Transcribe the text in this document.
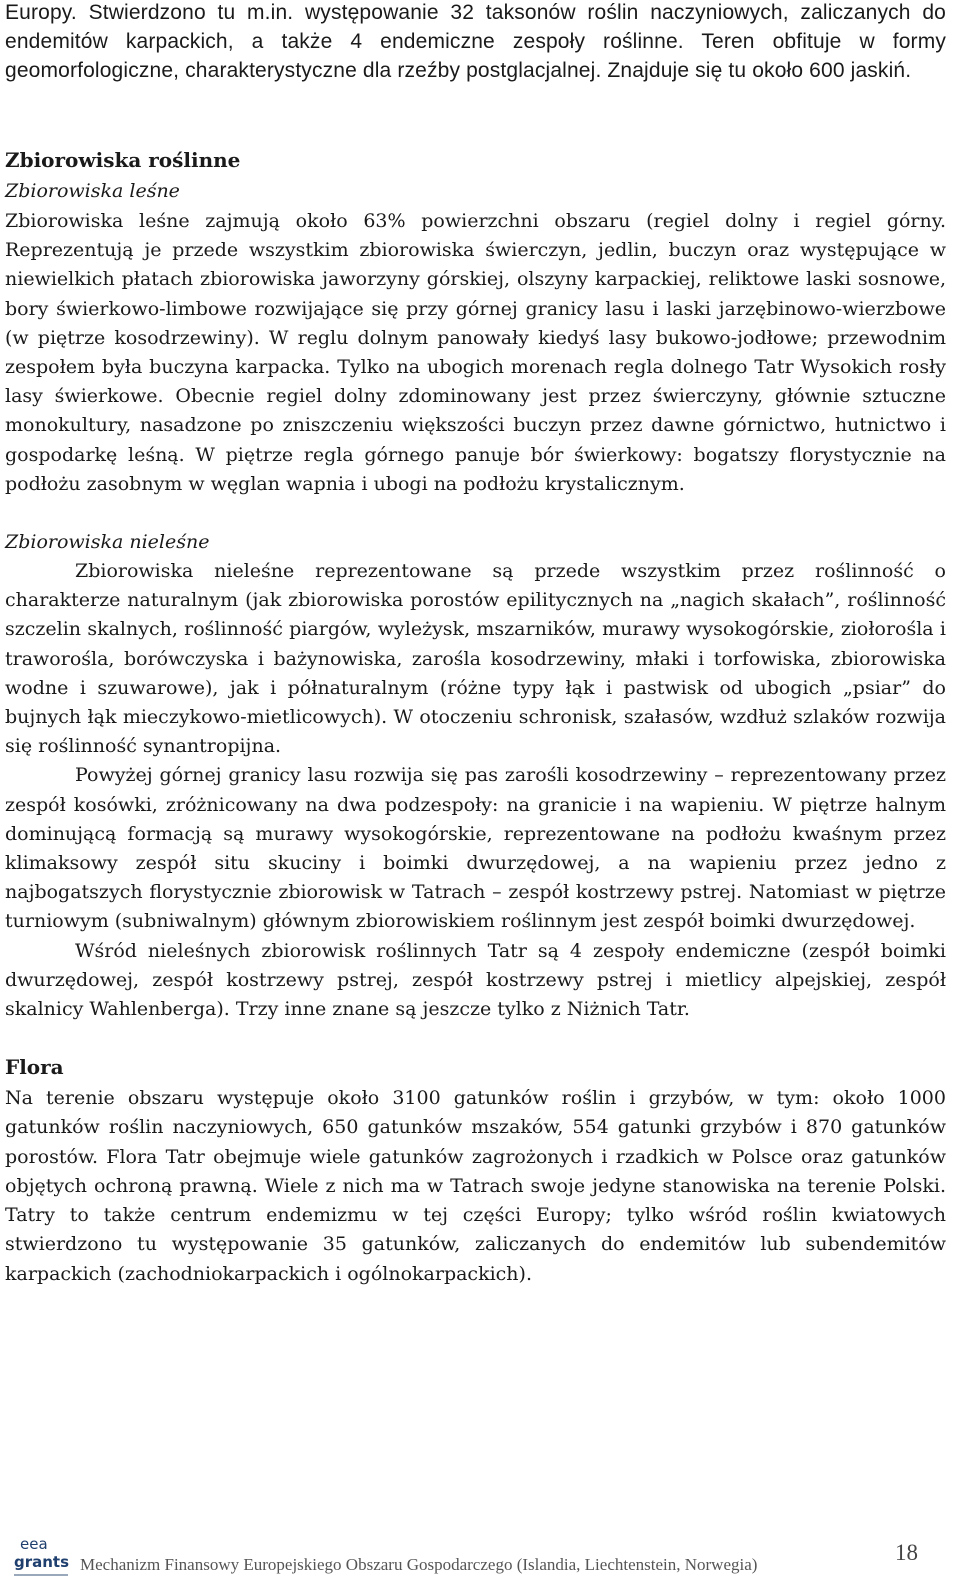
Europy. Stwierdzono tu m.in. występowanie 32 taksonów roślin naczyniowych, zaliczanych do endemitów karpackich, a także 4 endemiczne zespoły roślinne. Teren obfituje w formy geomorfologiczne, charakterystyczne dla rzeźby postglacjalnej. Znajduje się tu około 600 jaskiń.

Zbiorowiska roślinne
Zbiorowiska leśne

Zbiorowiska leśne zajmują około 63% powierzchni obszaru (regiel dolny i regiel górny. Reprezentują je przede wszystkim zbiorowiska świerczyn, jedlin, buczyn oraz występujące w niewielkich płatach zbiorowiska jaworzyny górskiej, olszyny karpackiej, reliktowe laski sosnowe, bory świerkowo-limbowe rozwijające się przy górnej granicy lasu i laski jarzębinowo-wierzbowe (w piętrze kosodrzewiny). W reglu dolnym panowały kiedyś lasy bukowo-jodłowe; przewodnim zespołem była buczyna karpacka. Tylko na ubogich morenach regla dolnego Tatr Wysokich rosły lasy świerkowe. Obecnie regiel dolny zdominowany jest przez świerczyny, głównie sztuczne monokultury, nasadzone po zniszczeniu większości buczyn przez dawne górnictwo, hutnictwo i gospodarkę leśną. W piętrze regla górnego panuje bór świerkowy: bogatszy florystycznie na podłożu zasobnym w węglan wapnia i ubogi na podłożu krystalicznym.

Zbiorowiska nieleśne

Zbiorowiska nieleśne reprezentowane są przede wszystkim przez roślinność o charakterze naturalnym (jak zbiorowiska porostów epilitycznych na „nagich skałach”, roślinność szczelin skalnych, roślinność piargów, wyleżysk, mszarników, murawy wysokogórskie, ziołorośla i traworośla, borówczyska i bażynowiska, zarośla kosodrzewiny, młaki i torfowiska, zbiorowiska wodne i szuwarowe), jak i półnaturalnym (różne typy łąk i pastwisk od ubogich „psiar” do bujnych łąk mieczykowo-mietlicowych). W otoczeniu schronisk, szałasów, wzdłuż szlaków rozwija się roślinność synantropijna.

Powyżej górnej granicy lasu rozwija się pas zarośli kosodrzewiny – reprezentowany przez zespół kosówki, zróżnicowany na dwa podzespoły: na granicie i na wapieniu. W piętrze halnym dominującą formacją są murawy wysokogórskie, reprezentowane na podłożu kwaśnym przez klimaksowy zespół situ skuciny i boimki dwurzędowej, a na wapieniu przez jedno z najbogatszych florystycznie zbiorowisk w Tatrach – zespół kostrzewy pstrej. Natomiast w piętrze turniowym (subniwalnym) głównym zbiorowiskiem roślinnym jest zespół boimki dwurzędowej.

Wśród nieleśnych zbiorowisk roślinnych Tatr są 4 zespoły endemiczne (zespół boimki dwurzędowej, zespół kostrzewy pstrej, zespół kostrzewy pstrej i mietlicy alpejskiej, zespół skalnicy Wahlenberga). Trzy inne znane są jeszcze tylko z Niżnich Tatr.

Flora

Na terenie obszaru występuje około 3100 gatunków roślin i grzybów, w tym: około 1000 gatunków roślin naczyniowych, 650 gatunków mszaków, 554 gatunki grzybów i 870 gatunków porostów. Flora Tatr obejmuje wiele gatunków zagrożonych i rzadkich w Polsce oraz gatunków objętych ochroną prawną. Wiele z nich ma w Tatrach swoje jedyne stanowiska na terenie Polski. Tatry to także centrum endemizmu w tej części Europy; tylko wśród roślin kwiatowych stwierdzono tu występowanie 35 gatunków, zaliczanych do endemitów lub subendemitów karpackich (zachodniokarpackich i ogólnokarpackich).

eea
grants Mechanizm Finansowy Europejskiego Obszaru Gospodarczego (Islandia, Liechtenstein, Norwegia)	18
